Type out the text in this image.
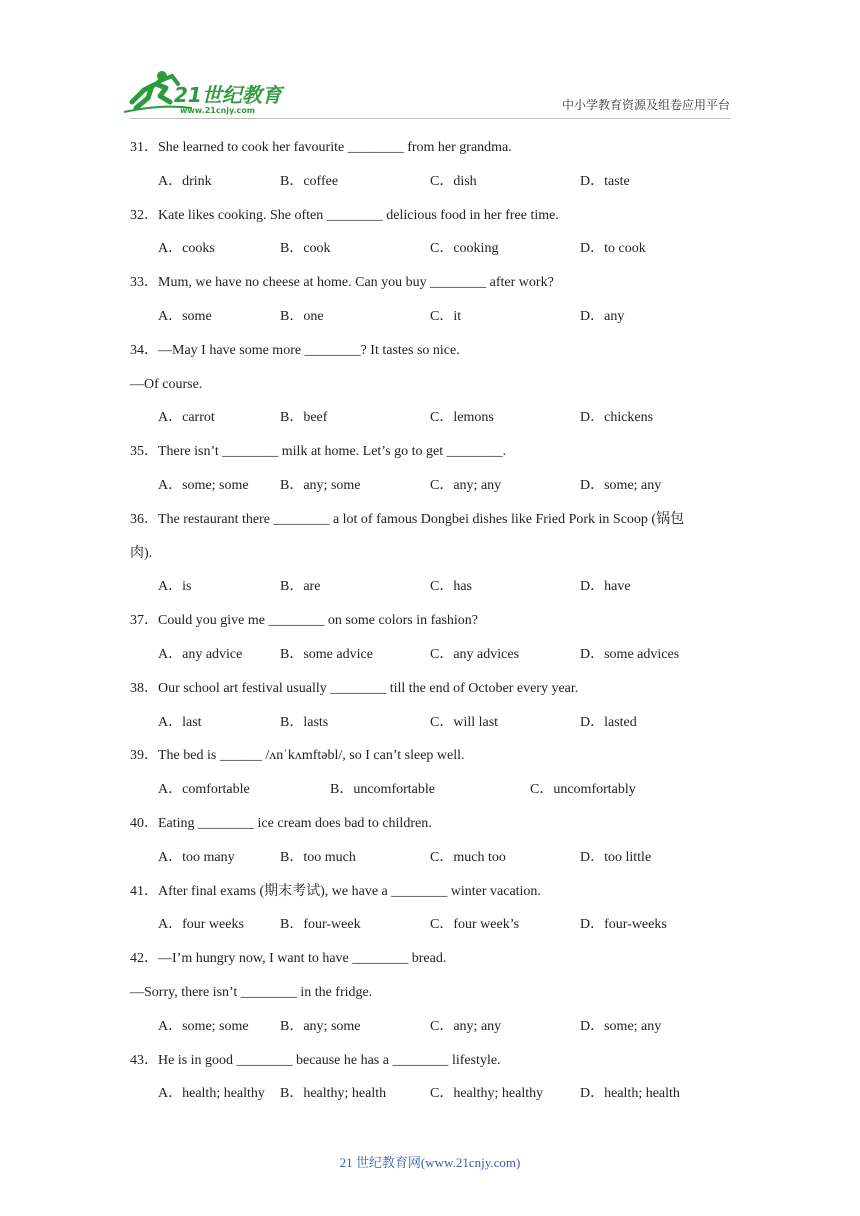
21世纪教育
www.21cnjy.com	中小学教育资源及组卷应用平台
31．She learned to cook her favourite ________ from her grandma.
A．drink	B．coffee	C．dish	D．taste
32．Kate likes cooking. She often ________ delicious food in her free time.
A．cooks	B．cook	C．cooking	D．to cook
33．Mum, we have no cheese at home. Can you buy ________ after work?
A．some	B．one	C．it	D．any
34．—May I have some more ________? It tastes so nice.
—Of course.
A．carrot	B．beef	C．lemons	D．chickens
35．There isn’t ________ milk at home. Let’s go to get ________.
A．some; some B．any; some	C．any; any	D．some; any
36．The restaurant there ________ a lot of famous Dongbei dishes like Fried Pork in Scoop (锅包
肉).
A．is	B．are	C．has	D．have
37．Could you give me ________ on some colors in fashion?
A．any advice	B．some advice	C．any advices	D．some advices
38．Our school art festival usually ________ till the end of October every year.
A．last	B．lasts	C．will last	D．lasted
39．The bed is ______ /ʌnˈkʌmftəbl/, so I can’t sleep well.
A．comfortable	B．uncomfortable	C．uncomfortably
40．Eating ________ ice cream does bad to children.
A．too many	B．too much	C．much too	D．too little
41．After final exams (期末考试), we have a ________ winter vacation.
A．four weeks	B．four-week	C．four week’s	D．four-weeks
42．—I’m hungry now, I want to have ________ bread.
—Sorry, there isn’t ________ in the fridge.
A．some; some B．any; some	C．any; any	D．some; any
43．He is in good ________ because he has a ________ lifestyle.
A．health; healthy B．healthy; health	C．healthy; healthy	D．health; health
21 世纪教育网(www.21cnjy.com)
